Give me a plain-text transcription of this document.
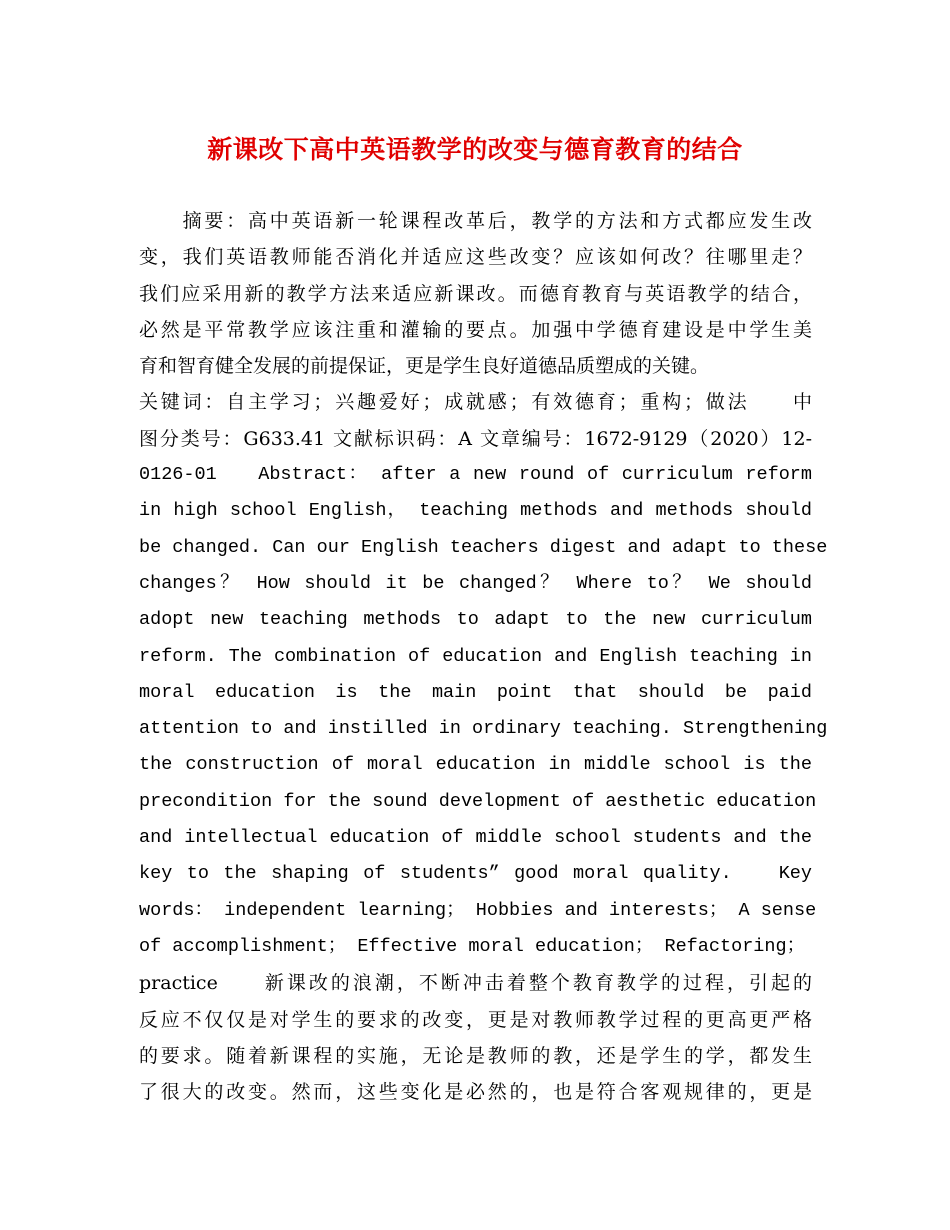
新课改下高中英语教学的改变与德育教育的结合
　　摘要：高中英语新一轮课程改革后，教学的方法和方式都应发生改
变，我们英语教师能否消化并适应这些改变？应该如何改？往哪里走？
我们应采用新的教学方法来适应新课改。而德育教育与英语教学的结合，
必然是平常教学应该注重和灌输的要点。加强中学德育建设是中学生美
育和智育健全发展的前提保证，更是学生良好道德品质塑成的关键。
关键词：自主学习；兴趣爱好；成就感；有效德育；重构；做法　　中
图分类号：G633.41 文献标识码：A 文章编号：1672-9129（2020）12-
0126-01　　Abstract： after a new round of curriculum reform
in high school English， teaching methods and methods should
be changed. Can our English teachers digest and adapt to these
changes？ How should it be changed？ Where to？ We should
adopt new teaching methods to adapt to the new curriculum
reform. The combination of education and English teaching in
moral education is the main point that should be paid
attention to and instilled in ordinary teaching. Strengthening
the construction of moral education in middle school is the
precondition for the sound development of aesthetic education
and intellectual education of middle school students and the
key to the shaping of students” good moral quality.　　Key
words： independent learning； Hobbies and interests； A sense
of accomplishment； Effective moral education； Refactoring；
practice　　新课改的浪潮，不断冲击着整个教育教学的过程，引起的
反应不仅仅是对学生的要求的改变，更是对教师教学过程的更高更严格
的要求。随着新课程的实施，无论是教师的教，还是学生的学，都发生
了很大的改变。然而，这些变化是必然的，也是符合客观规律的，更是
